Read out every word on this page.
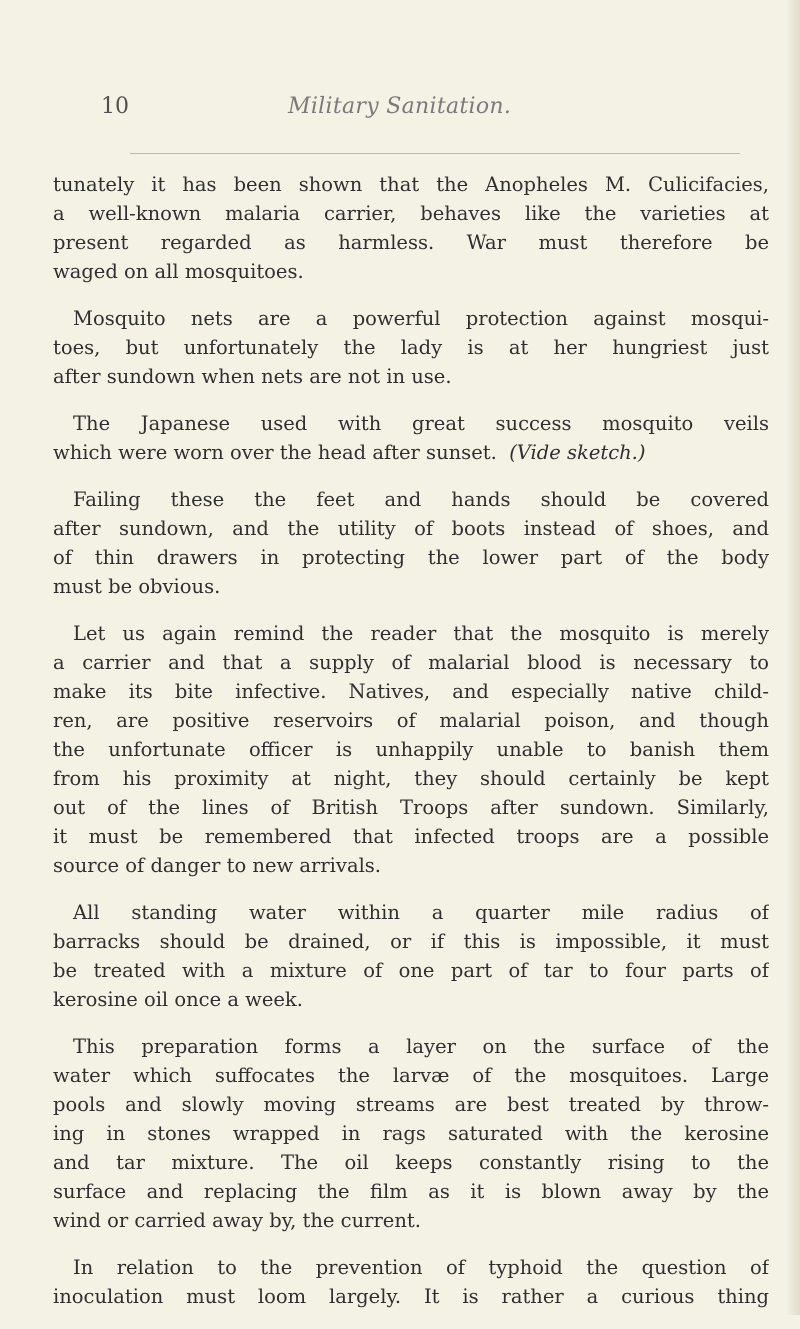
10	Military Sanitation.
tunately it has been shown that the Anopheles M. Culicifacies,
a well-known malaria carrier, behaves like the varieties at
present regarded as harmless. War must therefore be
waged on all mosquitoes.
Mosquito nets are a powerful protection against mosqui-
toes, but unfortunately the lady is at her hungriest just
after sundown when nets are not in use.
The Japanese used with great success mosquito veils
which were worn over the head after sunset. (Vide sketch.)
Failing these the feet and hands should be covered
after sundown, and the utility of boots instead of shoes, and
of thin drawers in protecting the lower part of the body
must be obvious.
Let us again remind the reader that the mosquito is merely
a carrier and that a supply of malarial blood is necessary to
make its bite infective. Natives, and especially native child-
ren, are positive reservoirs of malarial poison, and though
the unfortunate officer is unhappily unable to banish them
from his proximity at night, they should certainly be kept
out of the lines of British Troops after sundown. Similarly,
it must be remembered that infected troops are a possible
source of danger to new arrivals.
All standing water within a quarter mile radius of
barracks should be drained, or if this is impossible, it must
be treated with a mixture of one part of tar to four parts of
kerosine oil once a week.
This preparation forms a layer on the surface of the
water which suffocates the larvæ of the mosquitoes. Large
pools and slowly moving streams are best treated by throw-
ing in stones wrapped in rags saturated with the kerosine
and tar mixture. The oil keeps constantly rising to the
surface and replacing the film as it is blown away by the
wind or carried away by, the current.
In relation to the prevention of typhoid the question of
inoculation must loom largely. It is rather a curious thing
